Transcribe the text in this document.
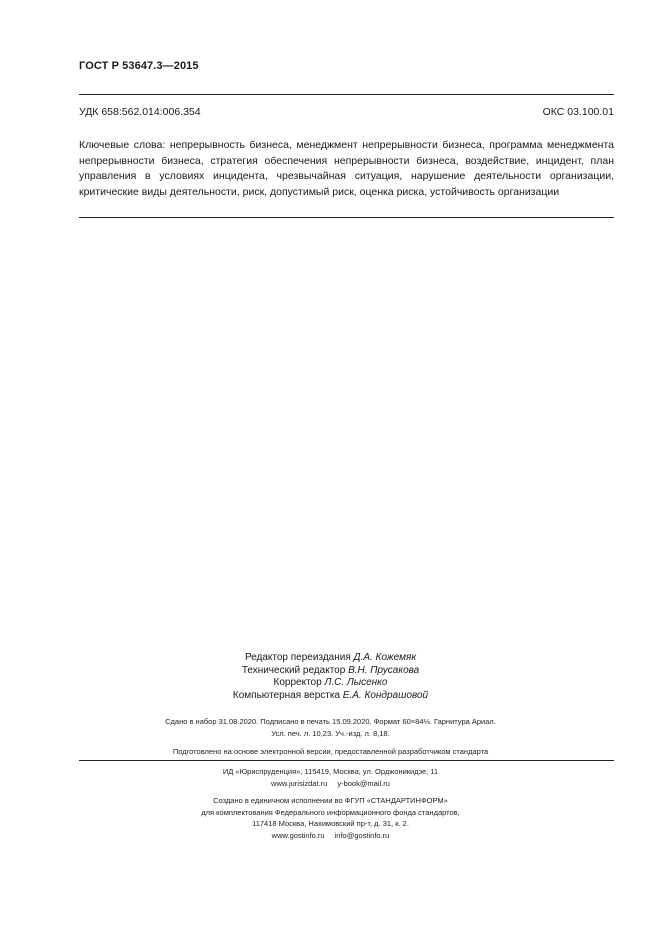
ГОСТ Р 53647.3—2015
УДК 658:562.014:006.354	ОКС 03.100.01
Ключевые слова: непрерывность бизнеса, менеджмент непрерывности бизнеса, программа менеджмента непрерывности бизнеса, стратегия обеспечения непрерывности бизнеса, воздействие, инцидент, план управления в условиях инцидента, чрезвычайная ситуация, нарушение деятельности организации, критические виды деятельности, риск, допустимый риск, оценка риска, устойчивость организации
Редактор переиздания Д.А. Кожемяк
Технический редактор В.Н. Прусакова
Корректор Л.С. Лысенко
Компьютерная верстка Е.А. Кондрашовой
Сдано в набор 31.08.2020. Подписано в печать 15.09.2020. Формат 60×84⅛. Гарнитура Ариал.
Усл. печ. л. 10,23. Уч.-изд. л. 8,18.
Подготовлено на основе электронной версии, предоставленной разработчиком стандарта
ИД «Юриспруденция», 115419, Москва, ул. Орджоникидзе, 11
www.jurisizdat.ru y-book@mail.ru
Создано в единичном исполнении во ФГУП «СТАНДАРТИНФОРМ»
для комплектования Федерального информационного фонда стандартов,
117418 Москва, Нахимовский пр-т, д. 31, к. 2.
www.gostinfo.ru info@gostinfo.ru
